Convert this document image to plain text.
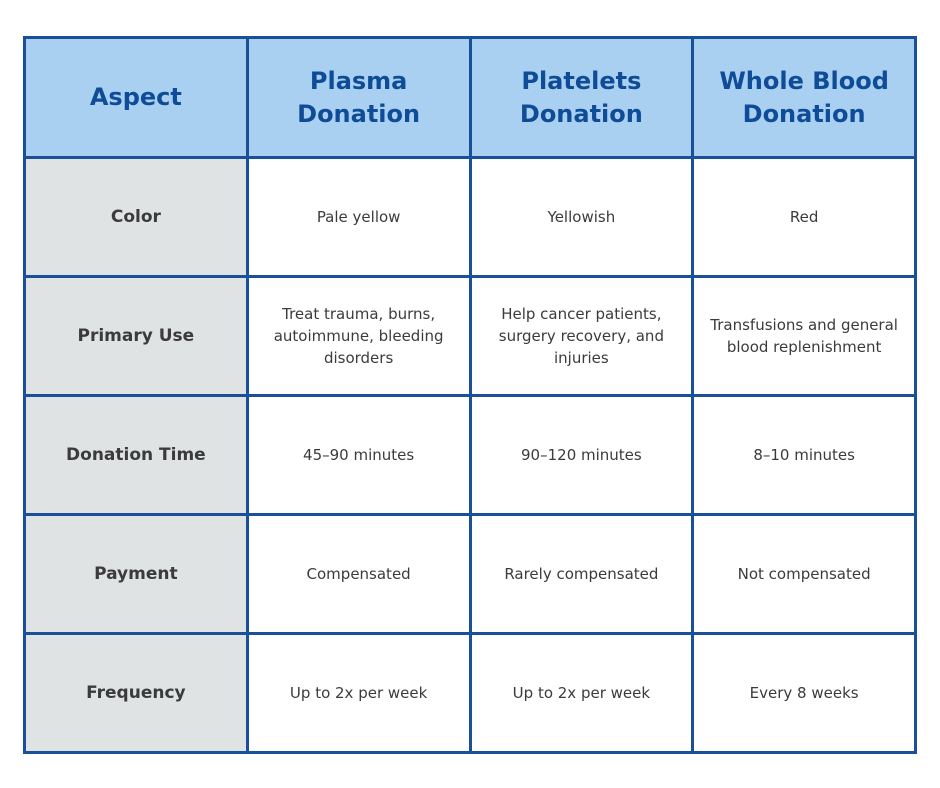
Aspect	Plasma Donation	Platelets Donation	Whole Blood Donation
Color	Pale yellow	Yellowish	Red
Primary Use	Treat trauma, burns, autoimmune, bleeding disorders	Help cancer patients, surgery recovery, and injuries	Transfusions and general blood replenishment
Donation Time	45–90 minutes	90–120 minutes	8–10 minutes
Payment	Compensated	Rarely compensated	Not compensated
Frequency	Up to 2x per week	Up to 2x per week	Every 8 weeks
